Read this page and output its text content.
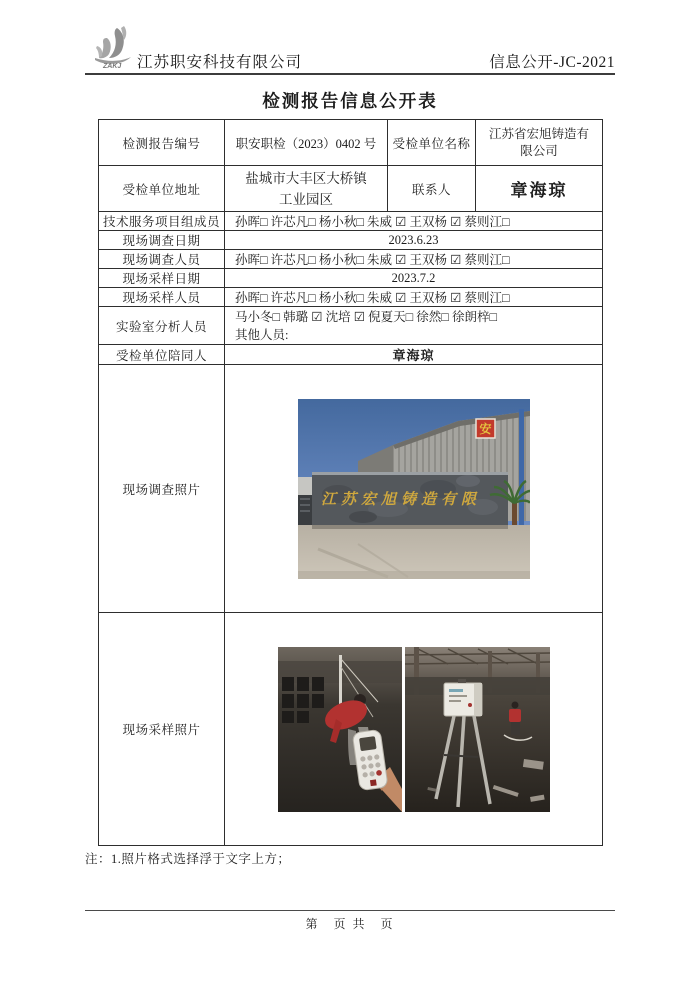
ZAKJ 江苏职安科技有限公司	信息公开-JC-2021
检测报告信息公开表
检测报告编号	职安职检（2023）0402 号	受检单位名称	江苏省宏旭铸造有限公司
受检单位地址	盐城市大丰区大桥镇工业园区	联系人	章海琼
技术服务项目组成员	孙晖□ 许芯凡□ 杨小秋□ 朱威 ☑ 王双杨 ☑ 蔡则江□		
现场调查日期	2023.6.23		
现场调查人员	孙晖□ 许芯凡□ 杨小秋□ 朱威 ☑ 王双杨 ☑ 蔡则江□		
现场采样日期	2023.7.2		
现场采样人员	孙晖□ 许芯凡□ 杨小秋□ 朱威 ☑ 王双杨 ☑ 蔡则江□		
实验室分析人员	马小冬□ 韩璐 ☑ 沈培 ☑ 倪夏天□ 徐然□ 徐朗梓□
其他人员:		

受检单位陪同人	章海琼		
现场调查照片	安
江苏宏旭铸造有限		

现场采样照片	
注：1.照片格式选择浮于文字上方；
第　页 共　页
